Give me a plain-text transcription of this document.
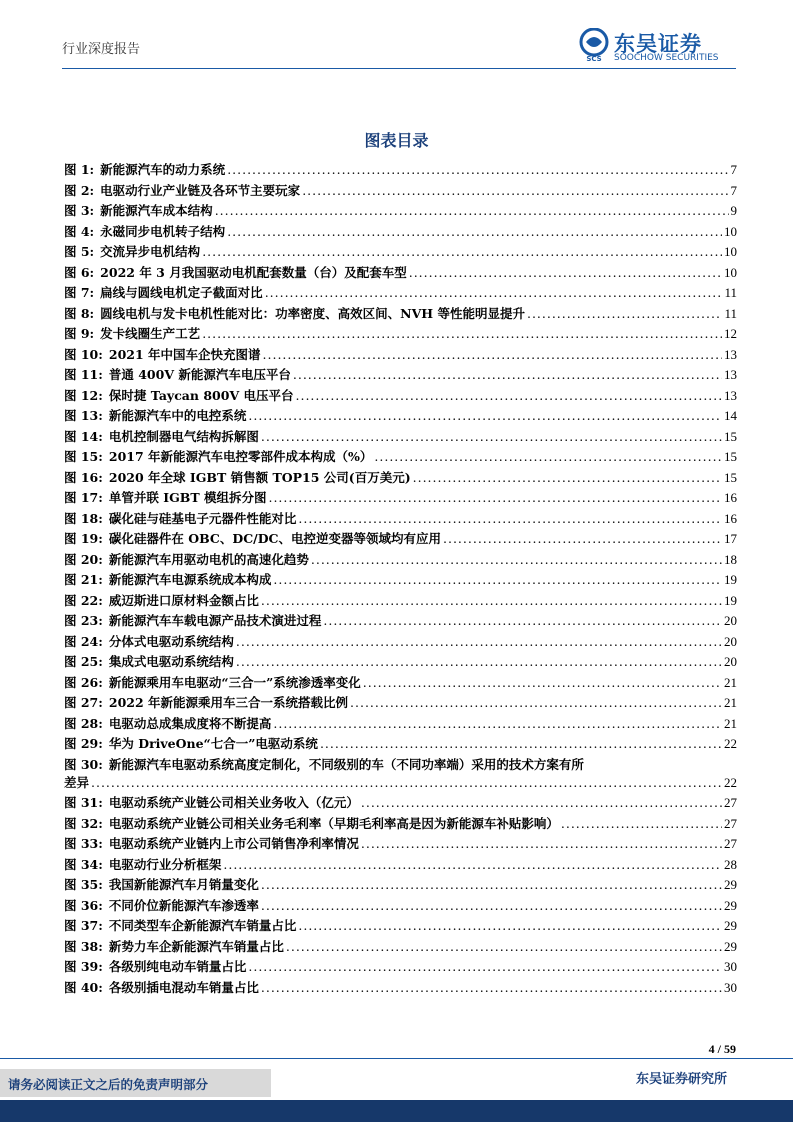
行业深度报告
SCS
东吴证券
SOOCHOW SECURITIES
图表目录
图 1: 新能源汽车的动力系统 .....	7
图 2: 电驱动行业产业链及各环节主要玩家 .....	7
图 3: 新能源汽车成本结构 .....	9
图 4: 永磁同步电机转子结构 .....	10
图 5: 交流异步电机结构 .....	10
图 6: 2022 年 3 月我国驱动电机配套数量（台）及配套车型 .....	10
图 7: 扁线与圆线电机定子截面对比 .....	11
图 8: 圆线电机与发卡电机性能对比：功率密度、高效区间、NVH 等性能明显提升 .....	11
图 9: 发卡线圈生产工艺 .....	12
图 10: 2021 年中国车企快充图谱 .....	13
图 11: 普通 400V 新能源汽车电压平台 .....	13
图 12: 保时捷 Taycan 800V 电压平台 .....	13
图 13: 新能源汽车中的电控系统 .....	14
图 14: 电机控制器电气结构拆解图 .....	15
图 15: 2017 年新能源汽车电控零部件成本构成（%） .....	15
图 16: 2020 年全球 IGBT 销售额 TOP15 公司(百万美元) .....	15
图 17: 单管并联 IGBT 模组拆分图 .....	16
图 18: 碳化硅与硅基电子元器件性能对比 .....	16
图 19: 碳化硅器件在 OBC、DC/DC、电控逆变器等领域均有应用 .....	17
图 20: 新能源汽车用驱动电机的高速化趋势 .....	18
图 21: 新能源汽车电源系统成本构成 .....	19
图 22: 威迈斯进口原材料金额占比 .....	19
图 23: 新能源汽车车载电源产品技术演进过程 .....	20
图 24: 分体式电驱动系统结构 .....	20
图 25: 集成式电驱动系统结构 .....	20
图 26: 新能源乘用车电驱动“三合一”系统渗透率变化 .....	21
图 27: 2022 年新能源乘用车三合一系统搭载比例 .....	21
图 28: 电驱动总成集成度将不断提高 .....	21
图 29: 华为 DriveOne“七合一”电驱动系统 .....	22
图 30: 新能源汽车电驱动系统高度定制化，不同级别的车（不同功率端）采用的技术方案有所
差异 .....	22
图 31: 电驱动系统产业链公司相关业务收入（亿元） .....	27
图 32: 电驱动系统产业链公司相关业务毛利率（早期毛利率高是因为新能源车补贴影响） .....	27
图 33: 电驱动系统产业链内上市公司销售净利率情况 .....	27
图 34: 电驱动行业分析框架 .....	28
图 35: 我国新能源汽车月销量变化 .....	29
图 36: 不同价位新能源汽车渗透率 .....	29
图 37: 不同类型车企新能源汽车销量占比 .....	29
图 38: 新势力车企新能源汽车销量占比 .....	29
图 39: 各级别纯电动车销量占比 .....	30
图 40: 各级别插电混动车销量占比 .....	30
4 / 59
请务必阅读正文之后的免责声明部分	东吴证券研究所
